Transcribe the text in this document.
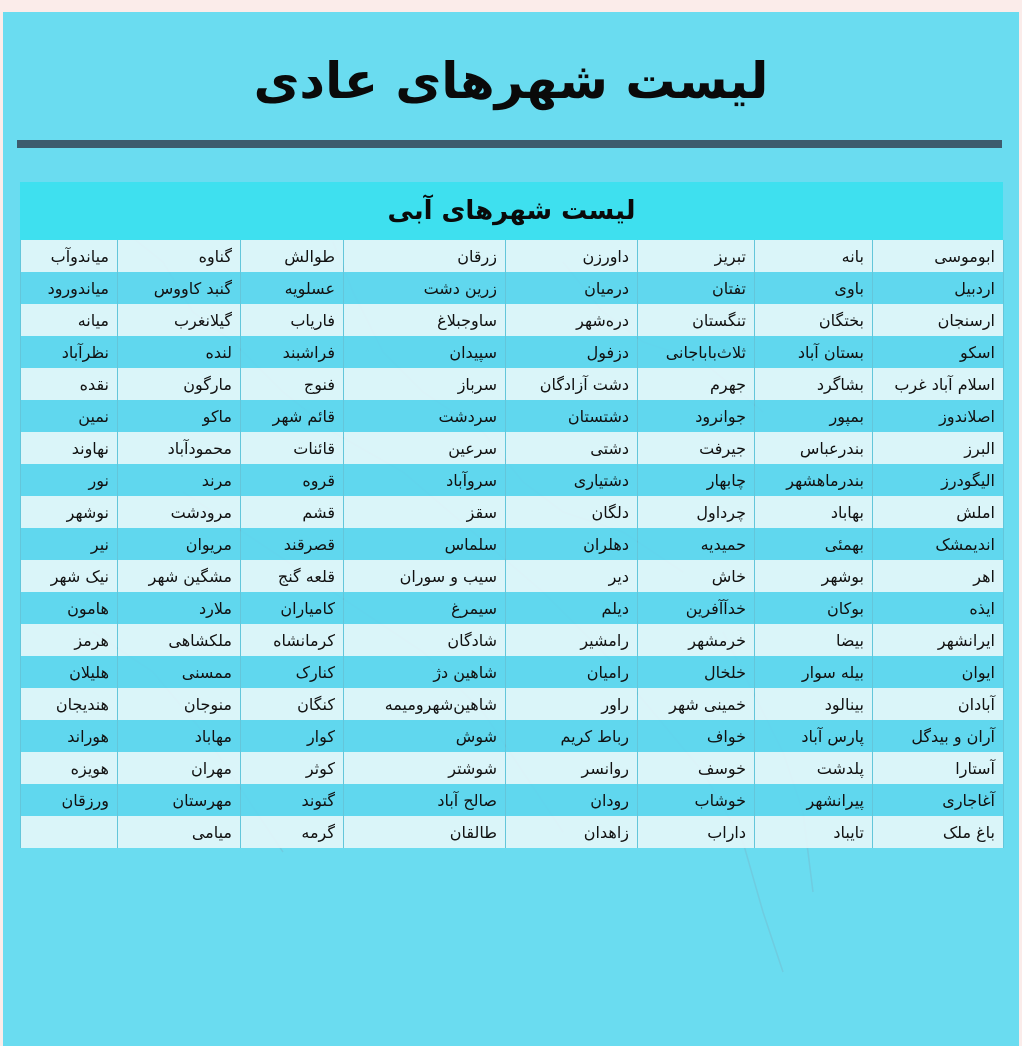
لیست شهرهای عادی
لیست شهرهای آبی
ابوموسی	بانه	تبریز	داورزن	زرقان	طوالش	گناوه	میاندوآب
اردبیل	باوی	تفتان	درمیان	زرین دشت	عسلویه	گنبد کاووس	میاندورود
ارسنجان	بختگان	تنگستان	دره‌شهر	ساوجبلاغ	فاریاب	گیلانغرب	میانه
اسکو	بستان آباد	ثلاث‌باباجانی	دزفول	سپیدان	فراشبند	لنده	نظرآباد
اسلام آباد غرب	بشاگرد	جهرم	دشت آزادگان	سرباز	فنوج	مارگون	نقده
اصلاندوز	بمپور	جوانرود	دشتستان	سردشت	قائم شهر	ماکو	نمین
البرز	بندرعباس	جیرفت	دشتی	سرعین	قائنات	محمودآباد	نهاوند
الیگودرز	بندرماهشهر	چابهار	دشتیاری	سروآباد	قروه	مرند	نور
املش	بهاباد	چرداول	دلگان	سقز	قشم	مرودشت	نوشهر
اندیمشک	بهمئی	حمیدیه	دهلران	سلماس	قصرقند	مریوان	نیر
اهر	بوشهر	خاش	دیر	سیب و سوران	قلعه گنج	مشگین شهر	نیک شهر
ایذه	بوکان	خدآآفرین	دیلم	سیمرغ	کامیاران	ملارد	هامون
ایرانشهر	بیضا	خرمشهر	رامشیر	شادگان	کرمانشاه	ملکشاهی	هرمز
ایوان	بیله سوار	خلخال	رامیان	شاهین دژ	کنارک	ممسنی	هلیلان
آبادان	بینالود	خمینی شهر	راور	شاهین‌شهرومیمه	کنگان	منوجان	هندیجان
آران و بیدگل	پارس آباد	خواف	رباط کریم	شوش	کوار	مهاباد	هوراند
آستارا	پلدشت	خوسف	روانسر	شوشتر	کوثر	مهران	هویزه
آغاجاری	پیرانشهر	خوشاب	رودان	صالح آباد	گتوند	مهرستان	ورزقان
باغ ملک	تایباد	داراب	زاهدان	طالقان	گرمه	میامی	
